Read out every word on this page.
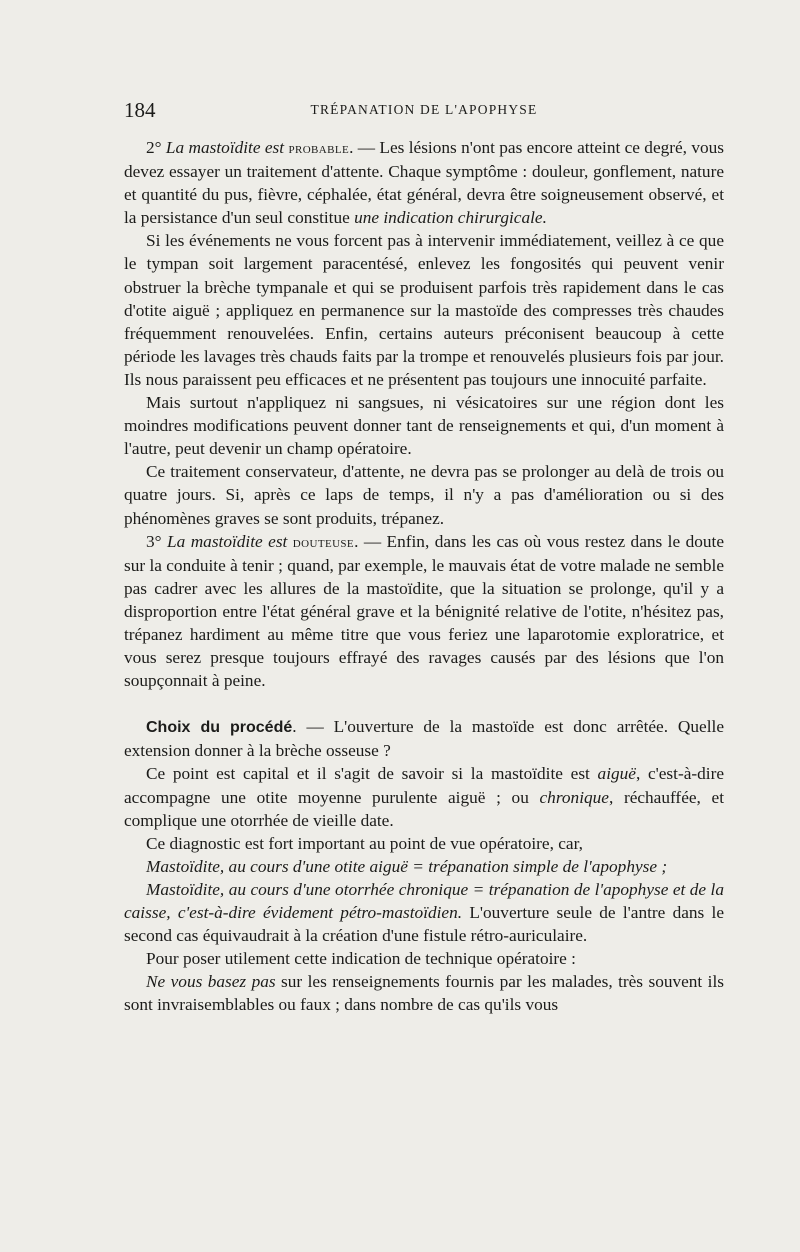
184	TRÉPANATION DE L'APOPHYSE

2° La mastoïdite est probable. — Les lésions n'ont pas encore atteint ce degré, vous devez essayer un traitement d'attente. Chaque symptôme : douleur, gonflement, nature et quantité du pus, fièvre, céphalée, état général, devra être soigneusement observé, et la persistance d'un seul constitue une indication chirurgicale.

Si les événements ne vous forcent pas à intervenir immédiatement, veillez à ce que le tympan soit largement paracentésé, enlevez les fongosités qui peuvent venir obstruer la brèche tympanale et qui se produisent parfois très rapidement dans le cas d'otite aiguë ; appliquez en permanence sur la mastoïde des compresses très chaudes fréquemment renouvelées. Enfin, certains auteurs préconisent beaucoup à cette période les lavages très chauds faits par la trompe et renouvelés plusieurs fois par jour. Ils nous paraissent peu efficaces et ne présentent pas toujours une innocuité parfaite.

Mais surtout n'appliquez ni sangsues, ni vésicatoires sur une région dont les moindres modifications peuvent donner tant de renseignements et qui, d'un moment à l'autre, peut devenir un champ opératoire.

Ce traitement conservateur, d'attente, ne devra pas se prolonger au delà de trois ou quatre jours. Si, après ce laps de temps, il n'y a pas d'amélioration ou si des phénomènes graves se sont produits, trépanez.

3° La mastoïdite est douteuse. — Enfin, dans les cas où vous restez dans le doute sur la conduite à tenir ; quand, par exemple, le mauvais état de votre malade ne semble pas cadrer avec les allures de la mastoïdite, que la situation se prolonge, qu'il y a disproportion entre l'état général grave et la bénignité relative de l'otite, n'hésitez pas, trépanez hardiment au même titre que vous feriez une laparotomie exploratrice, et vous serez presque toujours effrayé des ravages causés par des lésions que l'on soupçonnait à peine.

Choix du procédé. — L'ouverture de la mastoïde est donc arrêtée. Quelle extension donner à la brèche osseuse ?

Ce point est capital et il s'agit de savoir si la mastoïdite est aiguë, c'est-à-dire accompagne une otite moyenne purulente aiguë ; ou chronique, réchauffée, et complique une otorrhée de vieille date.

Ce diagnostic est fort important au point de vue opératoire, car,

Mastoïdite, au cours d'une otite aiguë = trépanation simple de l'apophyse ;

Mastoïdite, au cours d'une otorrhée chronique = trépanation de l'apophyse et de la caisse, c'est-à-dire évidement pétro-mastoïdien. L'ouverture seule de l'antre dans le second cas équivaudrait à la création d'une fistule rétro-auriculaire.

Pour poser utilement cette indication de technique opératoire :

Ne vous basez pas sur les renseignements fournis par les malades, très souvent ils sont invraisemblables ou faux ; dans nombre de cas qu'ils vous
